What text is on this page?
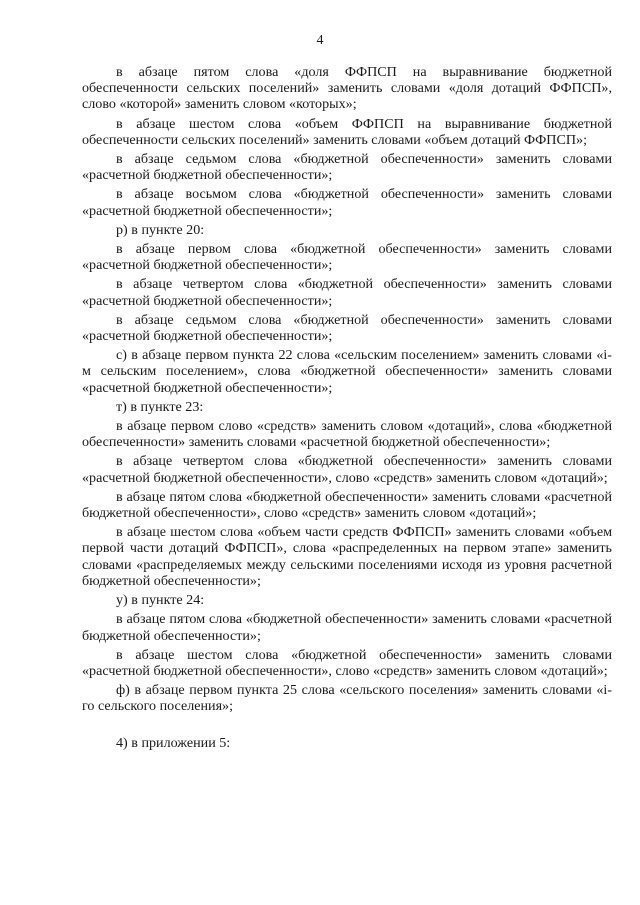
4

в абзаце пятом слова «доля ФФПСП на выравнивание бюджетной обеспеченности сельских поселений» заменить словами «доля дотаций ФФПСП», слово «которой» заменить словом «которых»;

в абзаце шестом слова «объем ФФПСП на выравнивание бюджетной обеспеченности сельских поселений» заменить словами «объем дотаций ФФПСП»;

в абзаце седьмом слова «бюджетной обеспеченности» заменить словами «расчетной бюджетной обеспеченности»;

в абзаце восьмом слова «бюджетной обеспеченности» заменить словами «расчетной бюджетной обеспеченности»;

р) в пункте 20:

в абзаце первом слова «бюджетной обеспеченности» заменить словами «расчетной бюджетной обеспеченности»;

в абзаце четвертом слова «бюджетной обеспеченности» заменить словами «расчетной бюджетной обеспеченности»;

в абзаце седьмом слова «бюджетной обеспеченности» заменить словами «расчетной бюджетной обеспеченности»;

с) в абзаце первом пункта 22 слова «сельским поселением» заменить словами «i-м сельским поселением», слова «бюджетной обеспеченности» заменить словами «расчетной бюджетной обеспеченности»;

т) в пункте 23:

в абзаце первом слово «средств» заменить словом «дотаций», слова «бюджетной обеспеченности» заменить словами «расчетной бюджетной обеспеченности»;

в абзаце четвертом слова «бюджетной обеспеченности» заменить словами «расчетной бюджетной обеспеченности», слово «средств» заменить словом «дотаций»;

в абзаце пятом слова «бюджетной обеспеченности» заменить словами «расчетной бюджетной обеспеченности», слово «средств» заменить словом «дотаций»;

в абзаце шестом слова «объем части средств ФФПСП» заменить словами «объем первой части дотаций ФФПСП», слова «распределенных на первом этапе» заменить словами «распределяемых между сельскими поселениями исходя из уровня расчетной бюджетной обеспеченности»;

у) в пункте 24:

в абзаце пятом слова «бюджетной обеспеченности» заменить словами «расчетной бюджетной обеспеченности»;

в абзаце шестом слова «бюджетной обеспеченности» заменить словами «расчетной бюджетной обеспеченности», слово «средств» заменить словом «дотаций»;

ф) в абзаце первом пункта 25 слова «сельского поселения» заменить словами «i-го сельского поселения»;

4) в приложении 5:
